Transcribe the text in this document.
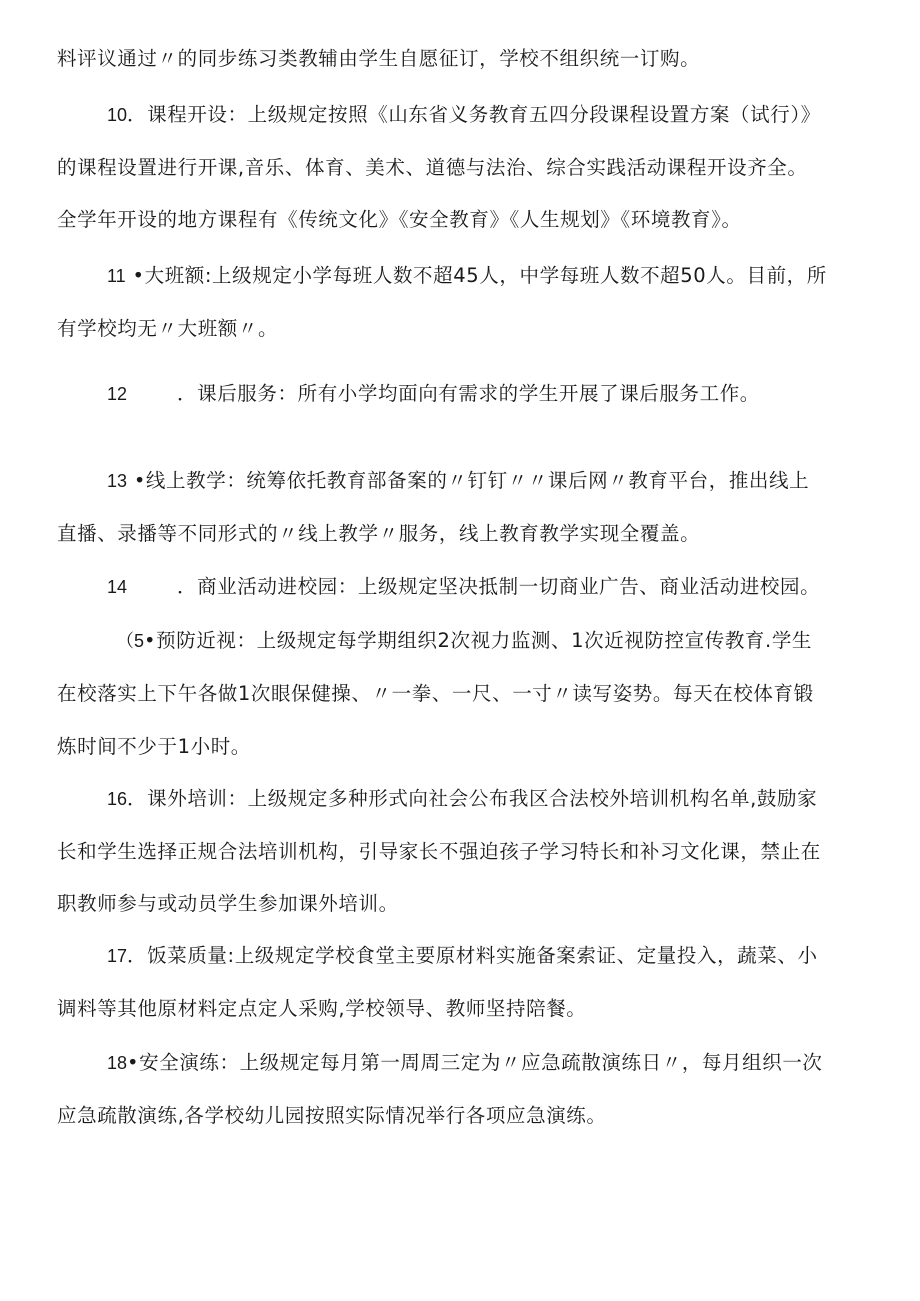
料评议通过〃的同步练习类教辅由学生自愿征订，学校不组织统一订购。
10．课程开设：上级规定按照《山东省义务教育五四分段课程设置方案（试行）》
的课程设置进行开课,音乐、体育、美术、道德与法治、综合实践活动课程开设齐全。
全学年开设的地方课程有《传统文化》《安全教育》《人生规划》《环境教育》。
11 •大班额:上级规定小学每班人数不超45人，中学每班人数不超50人。目前，所
有学校均无〃大班额〃。
12	．课后服务：所有小学均面向有需求的学生开展了课后服务工作。
13 •线上教学：统筹依托教育部备案的〃钉钉〃〃课后网〃教育平台，推出线上
直播、录播等不同形式的〃线上教学〃服务，线上教育教学实现全覆盖。
14	．商业活动进校园：上级规定坚决抵制一切商业广告、商业活动进校园。
（5•预防近视：上级规定每学期组织2次视力监测、1次近视防控宣传教育.学生
在校落实上下午各做1次眼保健操、〃一拳、一尺、一寸〃读写姿势。每天在校体育锻
炼时间不少于1小时。
16．课外培训：上级规定多种形式向社会公布我区合法校外培训机构名单,鼓励家
长和学生选择正规合法培训机构，引导家长不强迫孩子学习特长和补习文化课，禁止在
职教师参与或动员学生参加课外培训。
17．饭菜质量:上级规定学校食堂主要原材料实施备案索证、定量投入，蔬菜、小
调料等其他原材料定点定人采购,学校领导、教师坚持陪餐。
18•安全演练：上级规定每月第一周周三定为〃应急疏散演练日〃，每月组织一次
应急疏散演练,各学校幼儿园按照实际情况举行各项应急演练。
